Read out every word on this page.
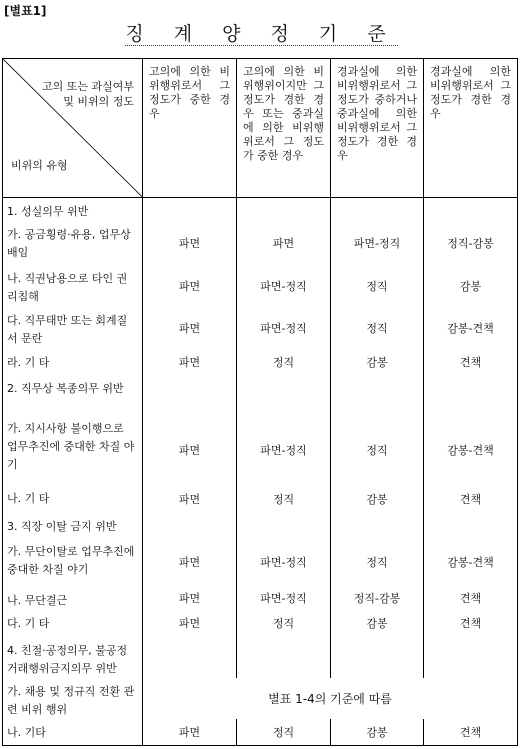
[별표1]
징 계 양 정 기 준
고의 또는 과실여부
및 비위의 정도
비위의 유형	고의에 의한 비위행위로서 그 정도가 중한 경우	고의에 의한 비위행위이지만 그 정도가 경한 경우 또는 중과실에 의한 비위행위로서 그 정도가 중한 경우	경과실에 의한 비위행위로서 그 정도가 중하거나 중과실에 의한 비위행위로서 그 정도가 경한 경우	경과실에 의한 비위행위로서 그 정도가 경한 경우
1. 성실의무 위반				
가. 공금횡령·유용, 업무상 배임	파면	파면	파면-정직	정직-감봉
나. 직권남용으로 타인 권리침해	파면	파면-정직	정직	감봉
다. 직무태만 또는 회계질서 문란	파면	파면-정직	정직	감봉-견책
라. 기 타	파면	정직	감봉	견책
2. 직무상 복종의무 위반				
가. 지시사항 불이행으로 업무추진에 중대한 차질 야기	파면	파면-정직	정직	감봉-견책
나. 기 타	파면	정직	감봉	견책
3. 직장 이탈 금지 위반				
가. 무단이탈로 업무추진에 중대한 차질 야기	파면	파면-정직	정직	감봉-견책
나. 무단결근	파면	파면-정직	정직-감봉	견책
다. 기 타	파면	정직	감봉	견책
4. 친절·공정의무, 불공정 거래행위금지의무 위반				
가. 채용 및 정규직 전환 관련 비위 행위	별표 1-4의 기준에 따름			
나. 기타	파면	정직	감봉	견책
